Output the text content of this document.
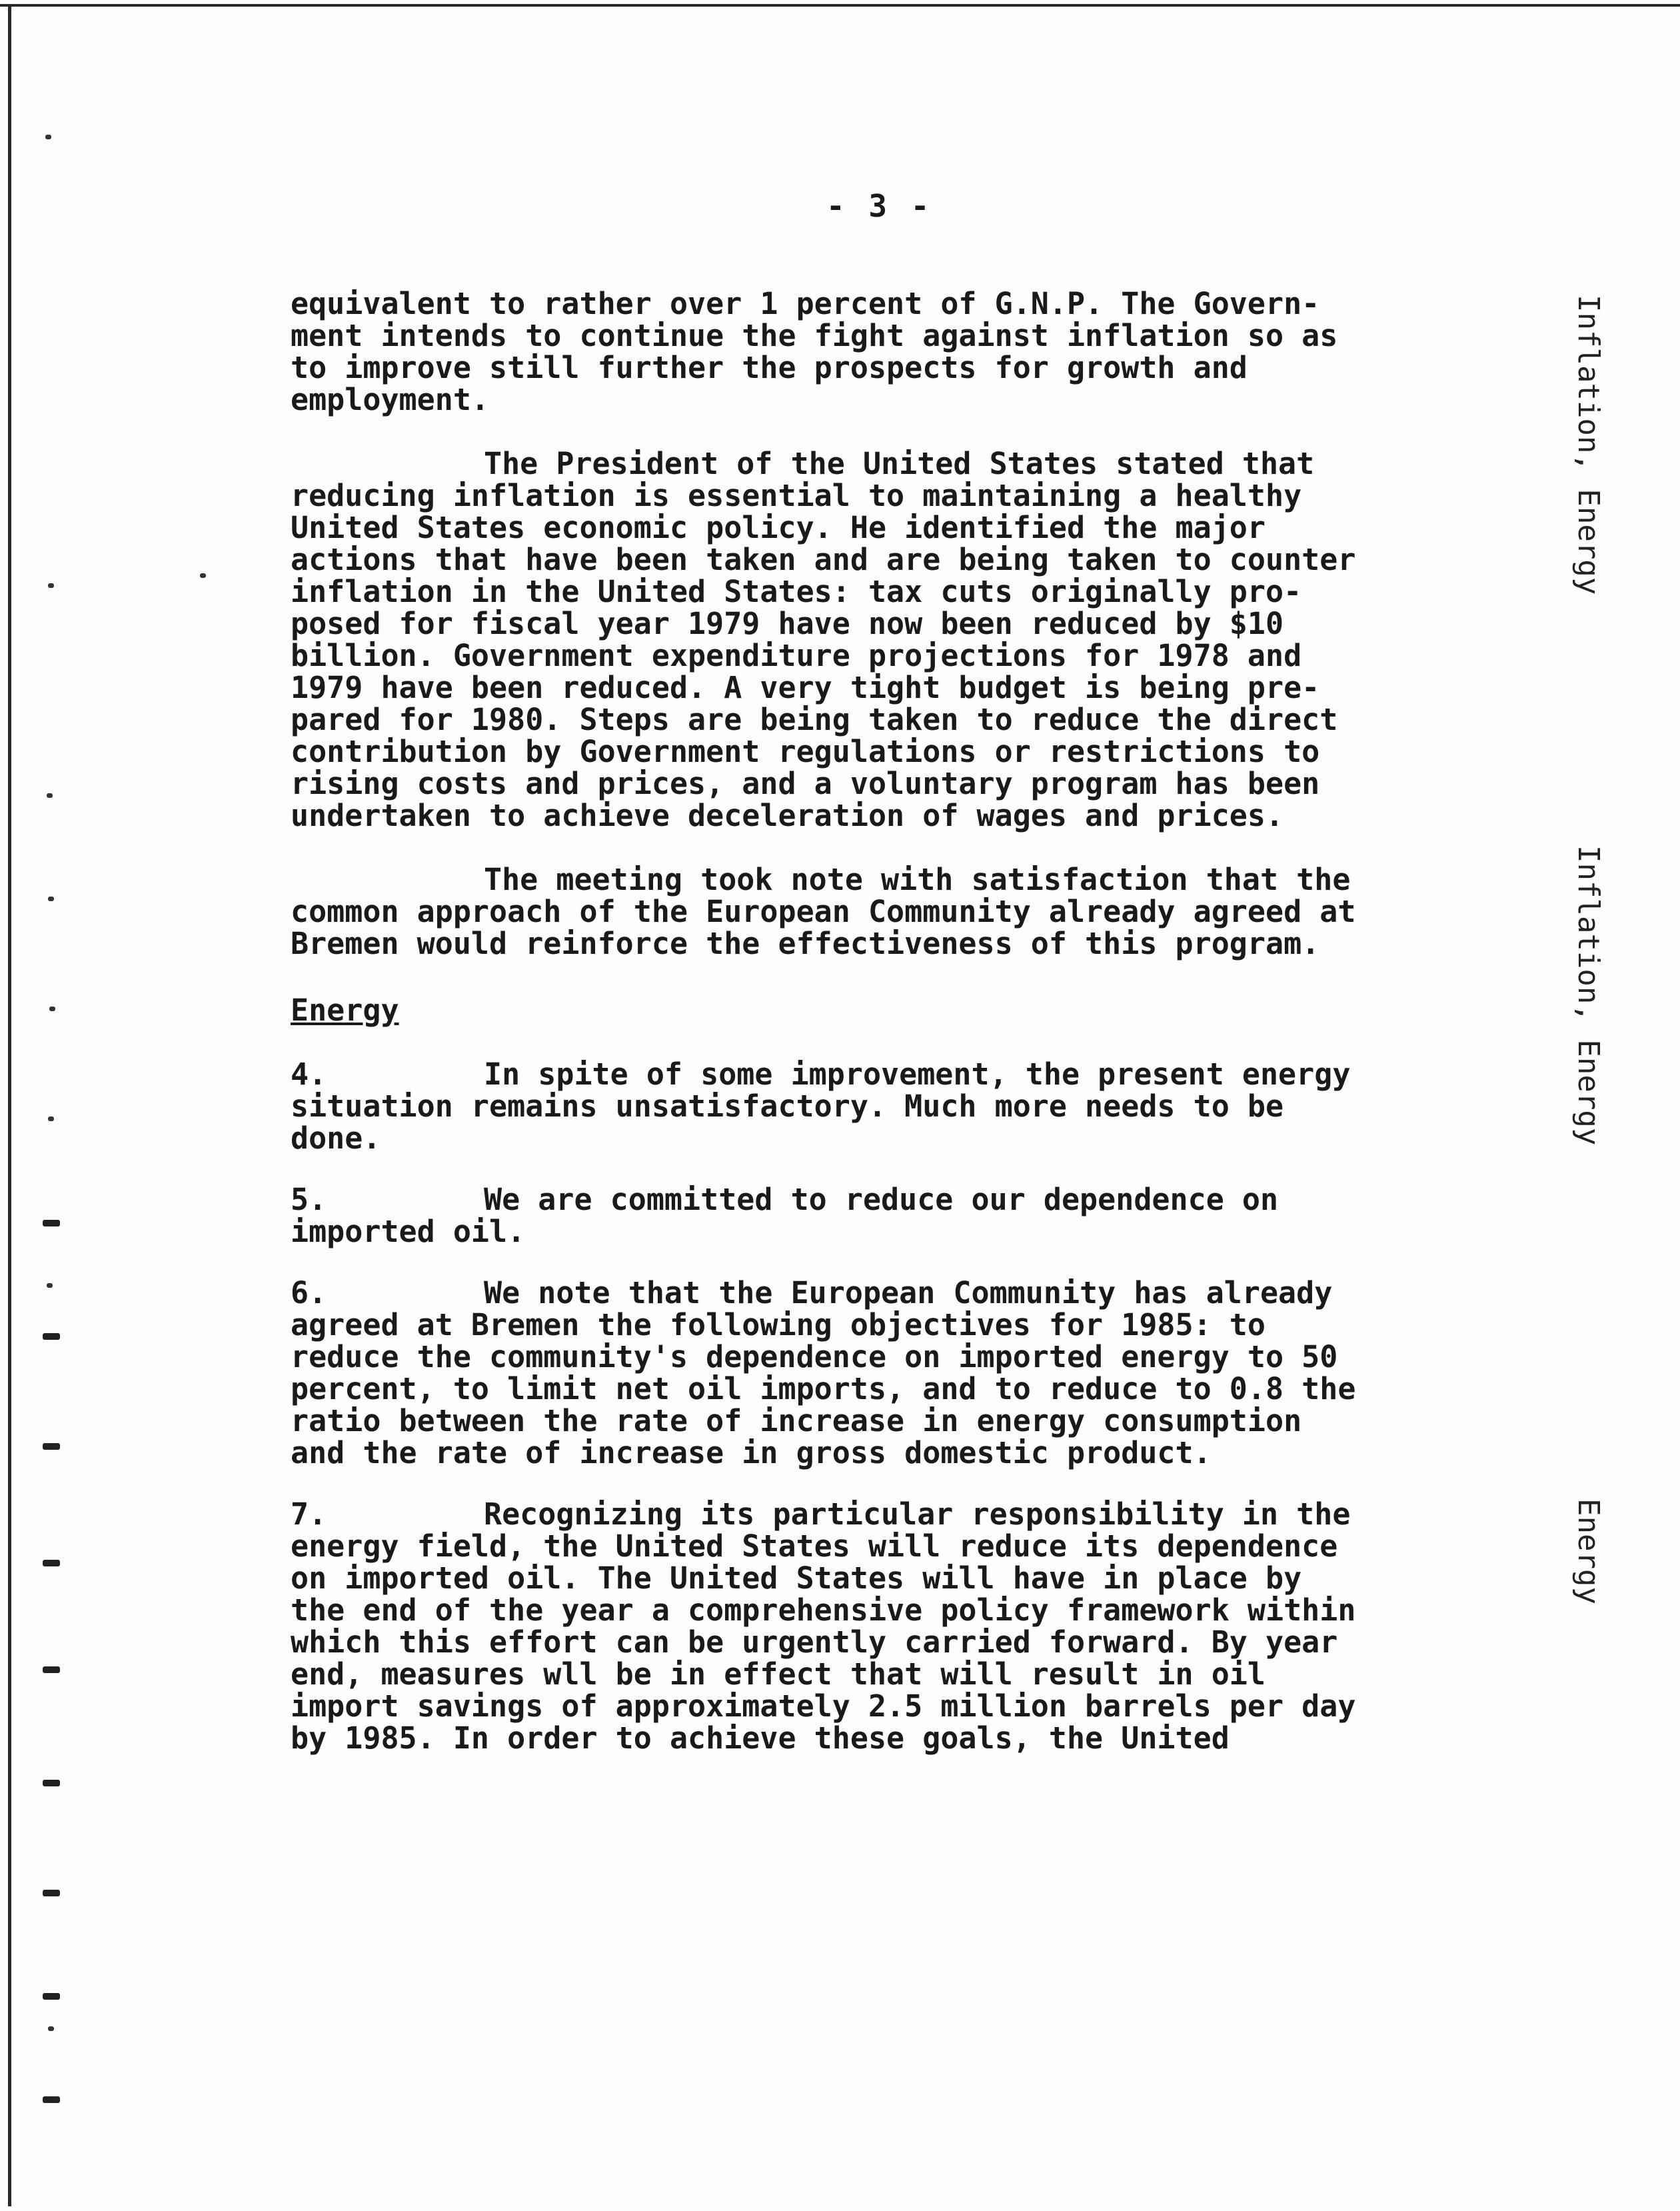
- 3 -

equivalent to rather over 1 percent of G.N.P. The Govern-
ment intends to continue the fight against inflation so as
to improve still further the prospects for growth and
employment.

The President of the United States stated that
reducing inflation is essential to maintaining a healthy
United States economic policy. He identified the major
actions that have been taken and are being taken to counter
inflation in the United States: tax cuts originally pro-
posed for fiscal year 1979 have now been reduced by $10
billion. Government expenditure projections for 1978 and
1979 have been reduced. A very tight budget is being pre-
pared for 1980. Steps are being taken to reduce the direct
contribution by Government regulations or restrictions to
rising costs and prices, and a voluntary program has been
undertaken to achieve deceleration of wages and prices.

The meeting took note with satisfaction that the
common approach of the European Community already agreed at
Bremen would reinforce the effectiveness of this program.

Energy

4.	In spite of some improvement, the present energy
situation remains unsatisfactory. Much more needs to be
done.

5.	We are committed to reduce our dependence on
imported oil.

6.	We note that the European Community has already
agreed at Bremen the following objectives for 1985: to
reduce the community's dependence on imported energy to 50
percent, to limit net oil imports, and to reduce to 0.8 the
ratio between the rate of increase in energy consumption
and the rate of increase in gross domestic product.

7.	Recognizing its particular responsibility in the
energy field, the United States will reduce its dependence
on imported oil. The United States will have in place by
the end of the year a comprehensive policy framework within
which this effort can be urgently carried forward. By year
end, measures wll be in effect that will result in oil
import savings of approximately 2.5 million barrels per day
by 1985. In order to achieve these goals, the United

Inflation, Energy
Inflation, Energy
Energy
